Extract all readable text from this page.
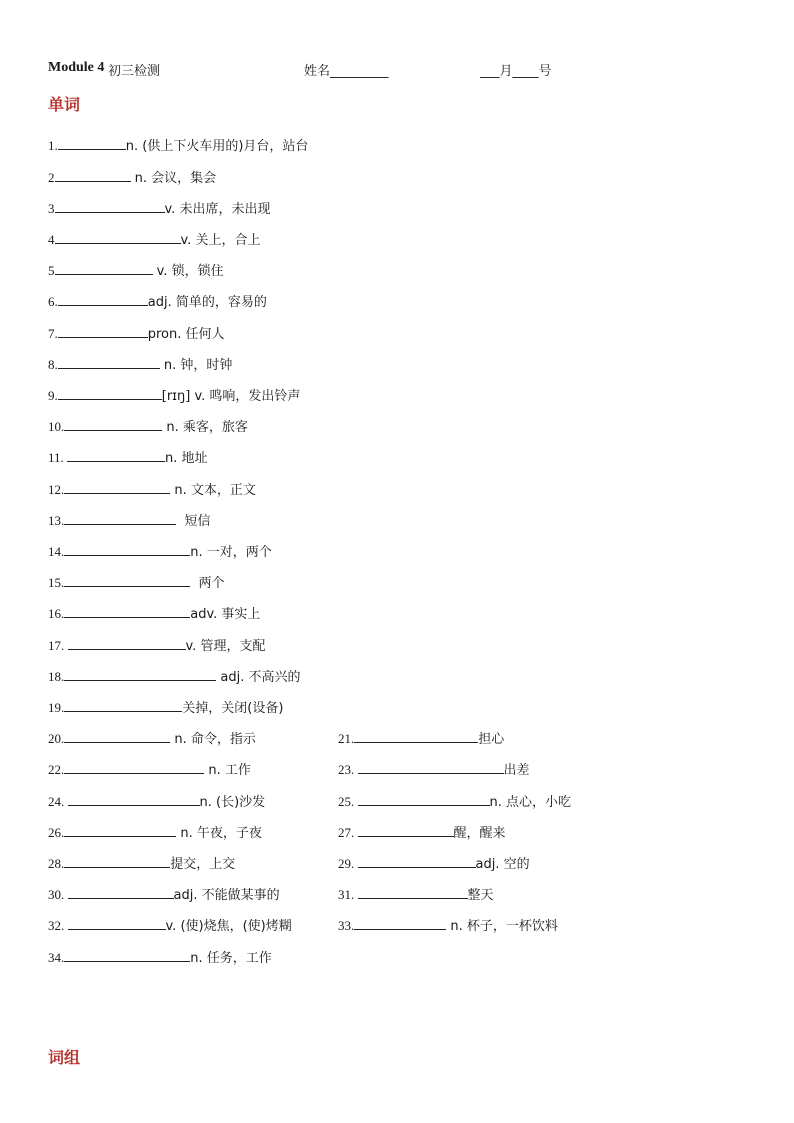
Module 4 初三检测	姓名_________	___月____号
单词
词组
1.	n. (供上下火车用的)月台，站台
2	n. 会议，集会
3	v. 未出席，未出现
4	v. 关上，合上
5	v. 锁，锁住
6.	adj. 简单的，容易的
7.	pron. 任何人
8.	n. 钟，时钟
9.	[rɪŋ] v. 鸣响，发出铃声
10.	n. 乘客，旅客
11.	n. 地址
12.	n. 文本，正文
13.	短信
14.	n. 一对，两个
15.	两个
16.	adv. 事实上
17.	v. 管理，支配
18.	adj. 不高兴的
19.	关掉，关闭(设备)
20.	n. 命令，指示	21.	担心
22.	n. 工作	23.	出差
24.	n. (长)沙发	25.	n. 点心，小吃
26.	n. 午夜，子夜	27.	醒，醒来
28.	提交，上交	29.	adj. 空的
30.	adj. 不能做某事的	31.	整天
32.	v. (使)烧焦，(使)烤糊	33.	n. 杯子，一杯饮料
34.	n. 任务，工作
